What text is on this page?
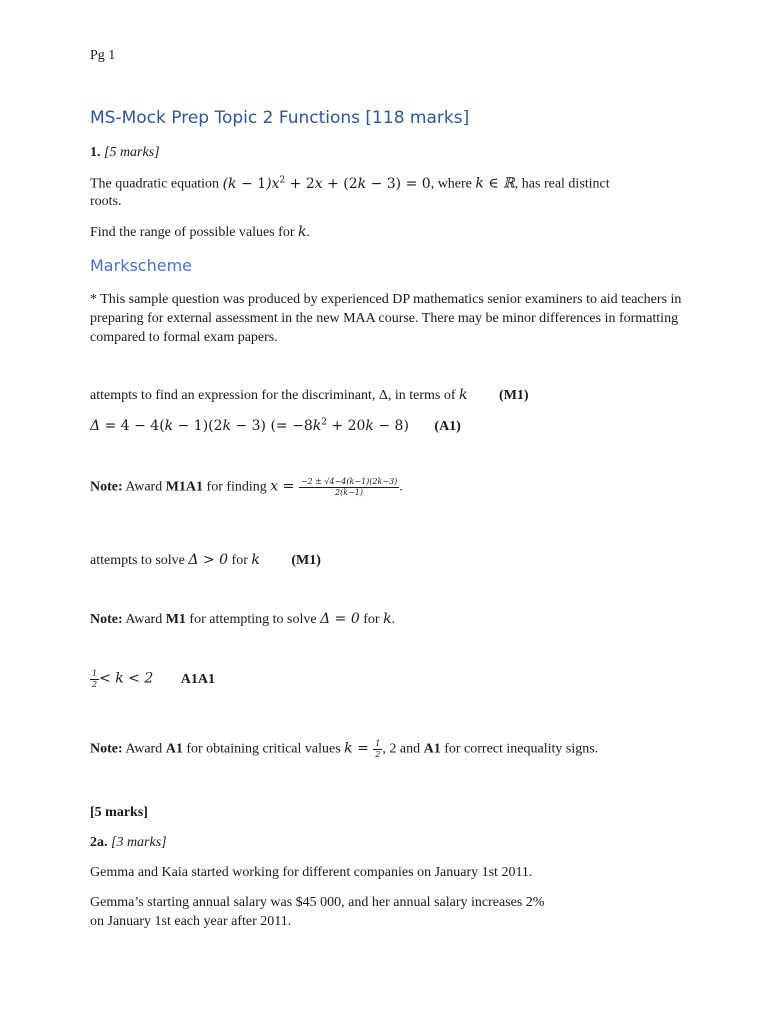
Pg 1
MS-Mock Prep Topic 2 Functions [118 marks]
1. [5 marks]
The quadratic equation $(k - 1)x^2 + 2x + (2k - 3) = 0$, where k ∈ ℝ, has real distinct
roots.
Find the range of possible values for k.
Markscheme
* This sample question was produced by experienced DP mathematics senior examiners to aid teachers in preparing for external assessment in the new MAA course. There may be minor differences in formatting compared to formal exam papers.
attempts to find an expression for the discriminant, Δ, in terms of k (M1)
Δ = 4 − 4(k − 1)(2k − 3) (= $-8k^2 + 20k - 8$) (A1)
Note: Award M1A1 for finding $x = \frac{-2 \pm √4-4(k-1)(2k-3)}{2(k-1)}$ .
attempts to solve Δ > 0 for k (M1)
Note: Award M1 for attempting to solve Δ = 0 for k.
$\frac{1}{2} < k < 2$ A1A1
Note: Award A1 for obtaining critical values $k = \frac{1}{2}$ , 2 and A1 for correct inequality signs.
[5 marks]
2a. [3 marks]
Gemma and Kaia started working for different companies on January 1st 2011.
Gemma’s starting annual salary was $45 000, and her annual salary increases 2%
on January 1st each year after 2011.
